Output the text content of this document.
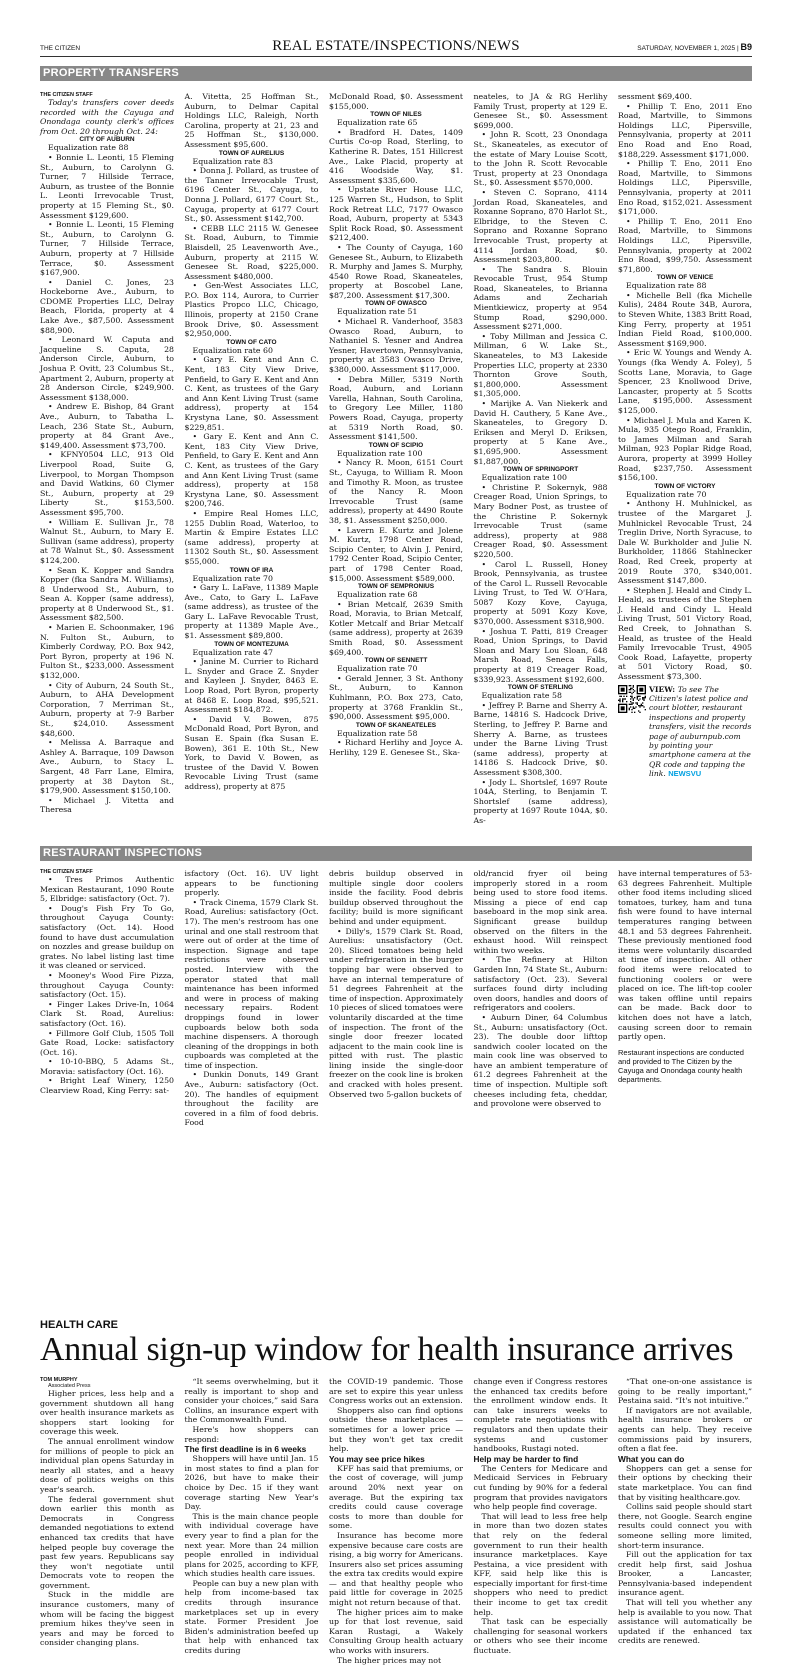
THE CITIZEN	REAL ESTATE/INSPECTIONS/NEWS	SATURDAY, NOVEMBER 1, 2025 | B9
PROPERTY TRANSFERS

THE CITIZEN STAFF

Today's transfers cover deeds recorded with the Cayuga and Onondaga county clerk's offices from Oct. 20 through Oct. 24:

CITY OF AUBURN

Equalization rate 88

• Bonnie L. Leonti, 15 Fleming St., Auburn, to Carolynn G. Turner, 7 Hillside Terrace, Auburn, as trustee of the Bonnie L. Leonti Irrevocable Trust, property at 15 Fleming St., $0. Assessment $129,600.

• Bonnie L. Leonti, 15 Fleming St., Auburn, to Carolynn G. Turner, 7 Hillside Terrace, Auburn, property at 7 Hillside Terrace, $0. Assessment $167,900.

• Daniel C. Jones, 23 Hockeborne Ave., Auburn, to CDOME Properties LLC, Delray Beach, Florida, property at 4 Lake Ave., $87,500. Assessment $88,900.

• Leonard W. Caputa and Jacqueline S. Caputa, 28 Anderson Circle, Auburn, to Joshua P. Ovitt, 23 Columbus St., Apartment 2, Auburn, property at 28 Anderson Circle, $249,900. Assessment $138,000.

• Andrew E. Bishop, 84 Grant Ave., Auburn, to Tabatha L. Leach, 236 State St., Auburn, property at 84 Grant Ave., $149,400. Assessment $73,700.

• KFNY0504 LLC, 913 Old Liverpool Road, Suite G, Liverpool, to Morgan Thompson and David Watkins, 60 Clymer St., Auburn, property at 29 Liberty St., $153,500. Assessment $95,700.

• William E. Sullivan Jr., 78 Walnut St., Auburn, to Mary E. Sullivan (same address), property at 78 Walnut St., $0. Assessment $124,200.

• Sean K. Kopper and Sandra Kopper (fka Sandra M. Williams), 8 Underwood St., Auburn, to Sean A. Kopper (same address), property at 8 Underwood St., $1. Assessment $82,500.

• Marien E. Schoonmaker, 196 N. Fulton St., Auburn, to Kimberly Cordway, P.O. Box 942, Port Byron, property at 196 N. Fulton St., $233,000. Assessment $132,000.

• City of Auburn, 24 South St., Auburn, to AHA Development Corporation, 7 Merriman St., Auburn, property at 7-9 Barber St., $24,010. Assessment $48,600.

• Melissa A. Barraque and Ashley A. Barraque, 109 Dawson Ave., Auburn, to Stacy L. Sargent, 48 Farr Lane, Elmira, property at 38 Dayton St., $179,900. Assessment $150,100.

• Michael J. Vitetta and Theresa

A. Vitetta, 25 Hoffman St., Auburn, to Delmar Capital Holdings LLC, Raleigh, North Carolina, property at 21, 23 and 25 Hoffman St., $130,000. Assessment $95,600.

TOWN OF AURELIUS

Equalization rate 83

• Donna J. Pollard, as trustee of the Tanner Irrevocable Trust, 6196 Center St., Cayuga, to Donna J. Pollard, 6177 Court St., Cayuga, property at 6177 Court St., $0. Assessment $142,700.

• CEBB LLC 2115 W. Genesee St. Road, Auburn, to Timmie Blaisdell, 25 Leavenworth Ave., Auburn, property at 2115 W. Genesee St. Road, $225,000. Assessment $480,000.

• Gen-West Associates LLC, P.O. Box 114, Aurora, to Currier Plastics Propco LLC, Chicago, Illinois, property at 2150 Crane Brook Drive, $0. Assessment $2,950,000.

TOWN OF CATO

Equalization rate 60

• Gary E. Kent and Ann C. Kent, 183 City View Drive, Penfield, to Gary E. Kent and Ann C. Kent, as trustees of the Gary and Ann Kent Living Trust (same address), property at 154 Krystyna Lane, $0. Assessment $229,851.

• Gary E. Kent and Ann C. Kent, 183 City View Drive, Penfield, to Gary E. Kent and Ann C. Kent, as trustees of the Gary and Ann Kent Living Trust (same address), property at 158 Krystyna Lane, $0. Assessment $200,746.

• Empire Real Homes LLC, 1255 Dublin Road, Waterloo, to Martin & Empire Estates LLC (same address), property at 11302 South St., $0. Assessment $55,000.

TOWN OF IRA

Equalization rate 70

• Gary L. LaFave, 11389 Maple Ave., Cato, to Gary L. LaFave (same address), as trustee of the Gary L. LaFave Revocable Trust, property at 11389 Maple Ave., $1. Assessment $89,800.

TOWN OF MONTEZUMA

Equalization rate 47

• Janine M. Currier to Richard L. Snyder and Grace Z. Snyder and Kayleen J. Snyder, 8463 E. Loop Road, Port Byron, property at 8468 E. Loop Road, $95,521. Assessment $184,872.

• David V. Bowen, 875 McDonald Road, Port Byron, and Susan E. Spain (fka Susan E. Bowen), 361 E. 10th St., New York, to David V. Bowen, as trustee of the David V. Bowen Revocable Living Trust (same address), property at 875

McDonald Road, $0. Assessment $155,000.

TOWN OF NILES

Equalization rate 65

• Bradford H. Dates, 1409 Curtis Co-op Road, Sterling, to Katherine R. Dates, 151 Hillcrest Ave., Lake Placid, property at 416 Woodside Way, $1. Assessment $335,600.

• Upstate River House LLC, 125 Warren St., Hudson, to Split Rock Retreat LLC, 7177 Owasco Road, Auburn, property at 5343 Split Rock Road, $0. Assessment $212,400.

• The County of Cayuga, 160 Genesee St., Auburn, to Elizabeth R. Murphy and James S. Murphy, 4540 Rowe Road, Skaneateles, property at Boscobel Lane, $87,200. Assessment $17,300.

TOWN OF OWASCO

Equalization rate 51

• Michael R. Vanderhoof, 3583 Owasco Road, Auburn, to Nathaniel S. Yesner and Andrea Yesner, Havertown, Pennsylvania, property at 3583 Owasco Drive, $380,000. Assessment $117,000.

• Debra Miller, 5319 North Road, Auburn, and Loriann Varella, Hahnan, South Carolina, to Gregory Lee Miller, 1180 Powers Road, Cayuga, property at 5319 North Road, $0. Assessment $141,500.

TOWN OF SCIPIO

Equalization rate 100

• Nancy R. Moon, 6151 Court St., Cayuga, to William R. Moon and Timothy R. Moon, as trustee of the Nancy R. Moon Irrevocable Trust (same address), property at 4490 Route 38, $1. Assessment $250,000.

• Lavern E. Kurtz and Jolene M. Kurtz, 1798 Center Road, Scipio Center, to Alvin J. Penird, 1792 Center Road, Scipio Center, part of 1798 Center Road, $15,000. Assessment $589,000.

TOWN OF SEMPRONIUS

Equalization rate 68

• Brian Metcalf, 2639 Smith Road, Moravia, to Brian Metcalf, Kotler Metcalf and Briar Metcalf (same address), property at 2639 Smith Road, $0. Assessment $69,400.

TOWN OF SENNETT

Equalization rate 70

• Gerald Jenner, 3 St. Anthony St., Auburn, to Kannon Kuhlmann, P.O. Box 273, Cato, property at 3768 Franklin St., $90,000. Assessment $95,000.

TOWN OF SKANEATELES

Equalization rate 58

• Richard Herlihy and Joyce A. Herlihy, 129 E. Genesee St., Ska-

neateles, to JA & RG Herlihy Family Trust, property at 129 E. Genesee St., $0. Assessment $699,000.

• John R. Scott, 23 Onondaga St., Skaneateles, as executor of the estate of Mary Louise Scott, to the John R. Scott Revocable Trust, property at 23 Onondaga St., $0. Assessment $570,000.

• Steven C. Soprano, 4114 Jordan Road, Skaneateles, and Roxanne Soprano, 870 Harlot St., Elbridge, to the Steven C. Soprano and Roxanne Soprano Irrevocable Trust, property at 4114 Jordan Road, $0. Assessment $203,800.

• The Sandra S. Blouin Revocable Trust, 954 Stump Road, Skaneateles, to Brianna Adams and Zechariah Mientkiewicz, property at 954 Stump Road, $290,000. Assessment $271,000.

• Toby Millman and Jessica C. Millman, 6 W. Lake St., Skaneateles, to M3 Lakeside Properties LLC, property at 2330 Thornton Grove South, $1,800,000. Assessment $1,305,000.

• Marijke A. Van Niekerk and David H. Cauthery, 5 Kane Ave., Skaneateles, to Gregory D. Eriksen and Meryl D. Eriksen, property at 5 Kane Ave., $1,695,900. Assessment $1,887,000.

TOWN OF SPRINGPORT

Equalization rate 100

• Christine P. Sokernyk, 988 Creager Road, Union Springs, to Mary Bodner Post, as trustee of the Christine P. Sokernyk Irrevocable Trust (same address), property at 988 Creager Road, $0. Assessment $220,500.

• Carol L. Russell, Honey Brook, Pennsylvania, as trustee of the Carol L. Russell Revocable Living Trust, to Ted W. O'Hara, 5087 Kozy Kove, Cayuga, property at 5091 Kozy Kove, $370,000. Assessment $318,900.

• Joshua T. Patti, 819 Creager Road, Union Springs, to David Sloan and Mary Lou Sloan, 648 Marsh Road, Seneca Falls, property at 819 Creager Road, $339,923. Assessment $192,600.

TOWN OF STERLING

Equalization rate 58

• Jeffrey P. Barne and Sherry A. Barne, 14816 S. Hadcock Drive, Sterling, to Jeffrey P. Barne and Sherry A. Barne, as trustees under the Barne Living Trust (same address), property at 14186 S. Hadcock Drive, $0. Assessment $308,300.

• Jody L. Shortslef, 1697 Route 104A, Sterling, to Benjamin T. Shortslef (same address), property at 1697 Route 104A, $0. As-

sessment $69,400.

• Phillip T. Eno, 2011 Eno Road, Martville, to Simmons Holdings LLC, Pipersville, Pennsylvania, property at 2011 Eno Road and Eno Road, $188,229. Assessment $171,000.

• Phillip T. Eno, 2011 Eno Road, Martville, to Simmons Holdings LLC, Pipersville, Pennsylvania, property at 2011 Eno Road, $152,021. Assessment $171,000.

• Phillip T. Eno, 2011 Eno Road, Martville, to Simmons Holdings LLC, Pipersville, Pennsylvania, property at 2002 Eno Road, $99,750. Assessment $71,800.

TOWN OF VENICE

Equalization rate 88

• Michelle Bell (fka Michelle Kulis), 2484 Route 34B, Aurora, to Steven White, 1383 Britt Road, King Ferry, property at 1951 Indian Field Road, $100,000. Assessment $169,900.

• Eric W. Youngs and Wendy A. Youngs (fka Wendy A. Foley), 5 Scotts Lane, Moravia, to Gage Spencer, 23 Knollwood Drive, Lancaster, property at 5 Scotts Lane, $195,000. Assessment $125,000.

• Michael J. Mula and Karen K. Mula, 935 Otego Road, Franklin, to James Milman and Sarah Milman, 923 Poplar Ridge Road, Aurora, property at 3999 Holley Road, $237,750. Assessment $156,100.

TOWN OF VICTORY

Equalization rate 70

• Anthony H. Muhlnickel, as trustee of the Margaret J. Muhlnickel Revocable Trust, 24 Treglin Drive, North Syracuse, to Dale W. Burkholder and Julie N. Burkholder, 11866 Stahlnecker Road, Red Creek, property at 2019 Route 370, $340,001. Assessment $147,800.

• Stephen J. Heald and Cindy L. Heald, as trustees of the Stephen J. Heald and Cindy L. Heald Living Trust, 501 Victory Road, Red Creek, to Johnathan S. Heald, as trustee of the Heald Family Irrevocable Trust, 4905 Cook Road, Lafayette, property at 501 Victory Road, $0. Assessment $73,300.

VIEW: To see The Citizen's latest police and court blotter, restaurant inspections and property transfers, visit the records page of auburnpub.com by pointing your smartphone camera at the QR code and tapping the link. NEWSVU
RESTAURANT INSPECTIONS

THE CITIZEN STAFF

• Tres Primos Authentic Mexican Restaurant, 1090 Route 5, Elbridge: satisfactory (Oct. 7).

• Doug's Fish Fry To Go, throughout Cayuga County: satisfactory (Oct. 14). Hood found to have dust accumulation on nozzles and grease buildup on grates. No label listing last time it was cleaned or serviced.

• Mooney's Wood Fire Pizza, throughout Cayuga County: satisfactory (Oct. 15).

• Finger Lakes Drive-In, 1064 Clark St. Road, Aurelius: satisfactory (Oct. 16).

• Fillmore Golf Club, 1505 Toll Gate Road, Locke: satisfactory (Oct. 16).

• 10-10-BBQ, 5 Adams St., Moravia: satisfactory (Oct. 16).

• Bright Leaf Winery, 1250 Clearview Road, King Ferry: sat-

isfactory (Oct. 16). UV light appears to be functioning properly.

• Track Cinema, 1579 Clark St. Road, Aurelius: satisfactory (Oct. 17). The men's restroom has one urinal and one stall restroom that were out of order at the time of inspection. Signage and tape restrictions were observed posted. Interview with the operator stated that mall maintenance has been informed and were in process of making necessary repairs. Rodent droppings found in lower cupboards below both soda machine dispensers. A thorough cleaning of the droppings in both cupboards was completed at the time of inspection.

• Dunkin Donuts, 149 Grant Ave., Auburn: satisfactory (Oct. 20). The handles of equipment throughout the facility are covered in a film of food debris. Food

debris buildup observed in multiple single door coolers inside the facility. Food debris buildup observed throughout the facility; build is more significant behind and under equipment.

• Dilly's, 1579 Clark St. Road, Aurelius: unsatisfactory (Oct. 20). Sliced tomatoes being held under refrigeration in the burger topping bar were observed to have an internal temperature of 51 degrees Fahrenheit at the time of inspection. Approximately 10 pieces of sliced tomatoes were voluntarily discarded at the time of inspection. The front of the single door freezer located adjacent to the main cook line is pitted with rust. The plastic lining inside the single-door freezer on the cook line is broken and cracked with holes present. Observed two 5-gallon buckets of

old/rancid fryer oil being improperly stored in a room being used to store food items. Missing a piece of end cap baseboard in the mop sink area. Significant grease buildup observed on the filters in the exhaust hood. Will reinspect within two weeks.

• The Refinery at Hilton Garden Inn, 74 State St., Auburn: satisfactory (Oct. 23). Several surfaces found dirty including oven doors, handles and doors of refrigerators and coolers.

• Auburn Diner, 64 Columbus St., Auburn: unsatisfactory (Oct. 23). The double door lifttop sandwich cooler located on the main cook line was observed to have an ambient temperature of 61.2 degrees Fahrenheit at the time of inspection. Multiple soft cheeses including feta, cheddar, and provolone were observed to

have internal temperatures of 53-63 degrees Fahrenheit. Multiple other food items including sliced tomatoes, turkey, ham and tuna fish were found to have internal temperatures ranging between 48.1 and 53 degrees Fahrenheit. These previously mentioned food items were voluntarily discarded at time of inspection. All other food items were relocated to functioning coolers or were placed on ice. The lift-top cooler was taken offline until repairs can be made. Back door to kitchen does not have a latch, causing screen door to remain partly open.

Restaurant inspections are conducted and provided to The Citizen by the Cayuga and Onondaga county health departments.

HEALTH CARE
Annual sign-up window for health insurance arrives

TOM MURPHY

Associated Press

Higher prices, less help and a government shutdown all hang over health insurance markets as shoppers start looking for coverage this week.

The annual enrollment window for millions of people to pick an individual plan opens Saturday in nearly all states, and a heavy dose of politics weighs on this year's search.

The federal government shut down earlier this month as Democrats in Congress demanded negotiations to extend enhanced tax credits that have helped people buy coverage the past few years. Republicans say they won't negotiate until Democrats vote to reopen the government.

Stuck in the middle are insurance customers, many of whom will be facing the biggest premium hikes they've seen in years and may be forced to consider changing plans.

“It seems overwhelming, but it really is important to shop and consider your choices,” said Sara Collins, an insurance expert with the Commonwealth Fund.

Here's how shoppers can respond:

The first deadline is in 6 weeks

Shoppers will have until Jan. 15 in most states to find a plan for 2026, but have to make their choice by Dec. 15 if they want coverage starting New Year's Day.

This is the main chance people with individual coverage have every year to find a plan for the next year. More than 24 million people enrolled in individual plans for 2025, according to KFF, which studies health care issues.

People can buy a new plan with help from income-based tax credits through insurance marketplaces set up in every state. Former President Joe Biden's administration beefed up that help with enhanced tax credits during

the COVID-19 pandemic. Those are set to expire this year unless Congress works out an extension.

Shoppers also can find options outside these marketplaces — sometimes for a lower price — but they won't get tax credit help.

You may see price hikes

KFF has said that premiums, or the cost of coverage, will jump around 20% next year on average. But the expiring tax credits could cause coverage costs to more than double for some.

Insurance has become more expensive because care costs are rising, a big worry for Americans. Insurers also set prices assuming the extra tax credits would expire — and that healthy people who paid little for coverage in 2025 might not return because of that.

The higher prices aim to make up for that lost revenue, said Karan Rustagi, a Wakely Consulting Group health actuary who works with insurers.

The higher prices may not

change even if Congress restores the enhanced tax credits before the enrollment window ends. It can take insurers weeks to complete rate negotiations with regulators and then update their systems and customer handbooks, Rustagi noted.

Help may be harder to find

The Centers for Medicare and Medicaid Services in February cut funding by 90% for a federal program that provides navigators who help people find coverage.

That will lead to less free help in more than two dozen states that rely on the federal government to run their health insurance marketplaces. Kaye Pestaina, a vice president with KFF, said help like this is especially important for first-time shoppers who need to predict their income to get tax credit help.

That task can be especially challenging for seasonal workers or others who see their income fluctuate.

“That one-on-one assistance is going to be really important,” Pestaina said. “It's not intuitive.”

If navigators are not available, health insurance brokers or agents can help. They receive commissions paid by insurers, often a flat fee.

What you can do

Shoppers can get a sense for their options by checking their state marketplace. You can find that by visiting healthcare.gov.

Collins said people should start there, not Google. Search engine results could connect you with someone selling more limited, short-term insurance.

Fill out the application for tax credit help first, said Joshua Brooker, a Lancaster, Pennsylvania-based independent insurance agent.

That will tell you whether any help is available to you now. That assistance will automatically be updated if the enhanced tax credits are renewed.
